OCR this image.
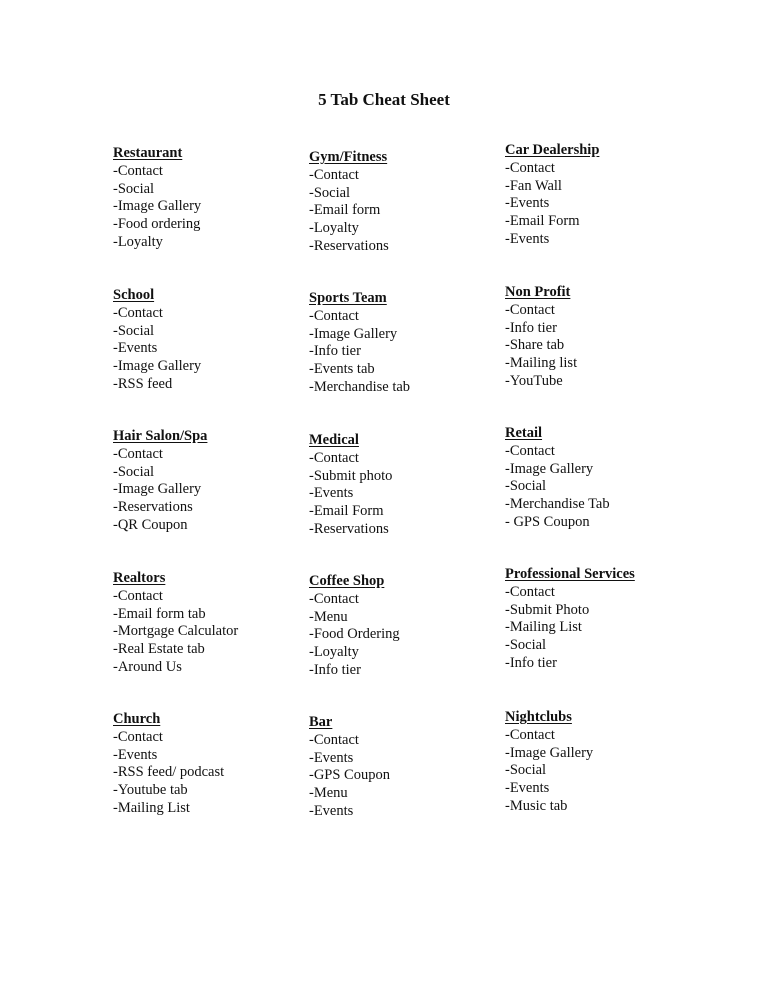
5 Tab Cheat Sheet
Restaurant
-Contact
-Social
-Image Gallery
-Food ordering
-Loyalty
Gym/Fitness
-Contact
-Social
-Email form
-Loyalty
-Reservations
Car Dealership
-Contact
-Fan Wall
-Events
-Email Form
-Events
School
-Contact
-Social
-Events
-Image Gallery
-RSS feed
Sports Team
-Contact
-Image Gallery
-Info tier
-Events tab
-Merchandise tab
Non Profit
-Contact
-Info tier
-Share tab
-Mailing list
-YouTube
Hair Salon/Spa
-Contact
-Social
-Image Gallery
-Reservations
-QR Coupon
Medical
-Contact
-Submit photo
-Events
-Email Form
-Reservations
Retail
-Contact
-Image Gallery
-Social
-Merchandise Tab
- GPS Coupon
Realtors
-Contact
-Email form tab
-Mortgage Calculator
-Real Estate tab
-Around Us
Coffee Shop
-Contact
-Menu
-Food Ordering
-Loyalty
-Info tier
Professional Services
-Contact
-Submit Photo
-Mailing List
-Social
-Info tier
Church
-Contact
-Events
-RSS feed/ podcast
-Youtube tab
-Mailing List
Bar
-Contact
-Events
-GPS Coupon
-Menu
-Events
Nightclubs
-Contact
-Image Gallery
-Social
-Events
-Music tab
